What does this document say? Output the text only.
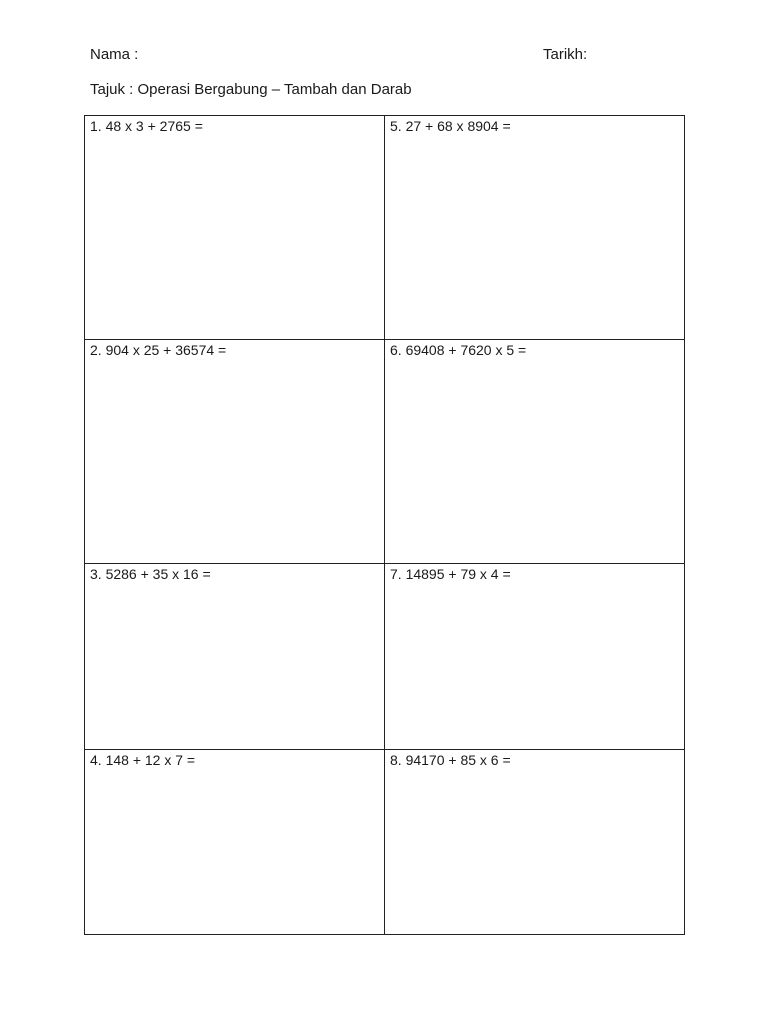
Nama :	Tarikh:
Tajuk : Operasi Bergabung – Tambah dan Darab
1. 48 x 3 + 2765 =	5. 27 + 68 x 8904 =
2. 904 x 25 + 36574 =	6. 69408 + 7620 x 5 =
3. 5286 + 35 x 16 =	7. 14895 + 79 x 4 =
4. 148 + 12 x 7 =	8. 94170 + 85 x 6 =
